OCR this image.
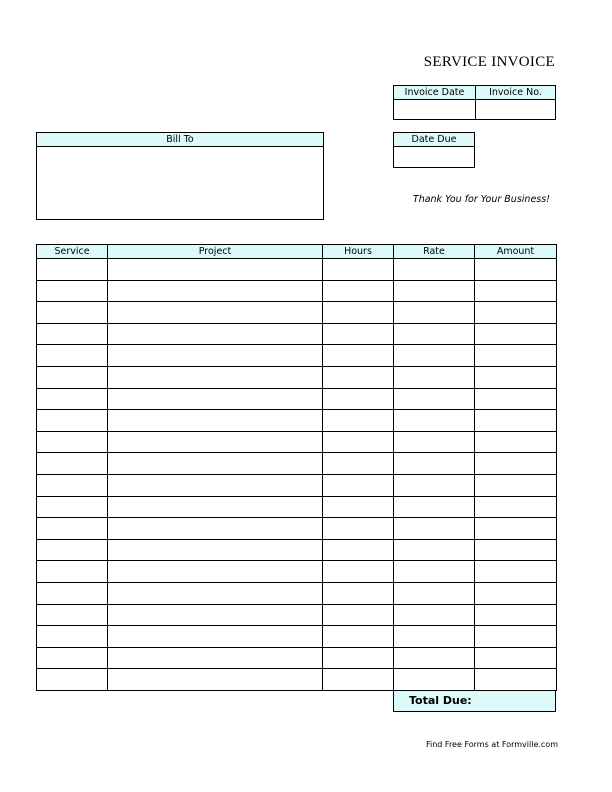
SERVICE INVOICE
Invoice Date	Invoice No.
Bill To	Date Due
Thank You for Your Business!
Service	Project	Hours	Rate	Amount

Total Due:
Find Free Forms at Formville.com
